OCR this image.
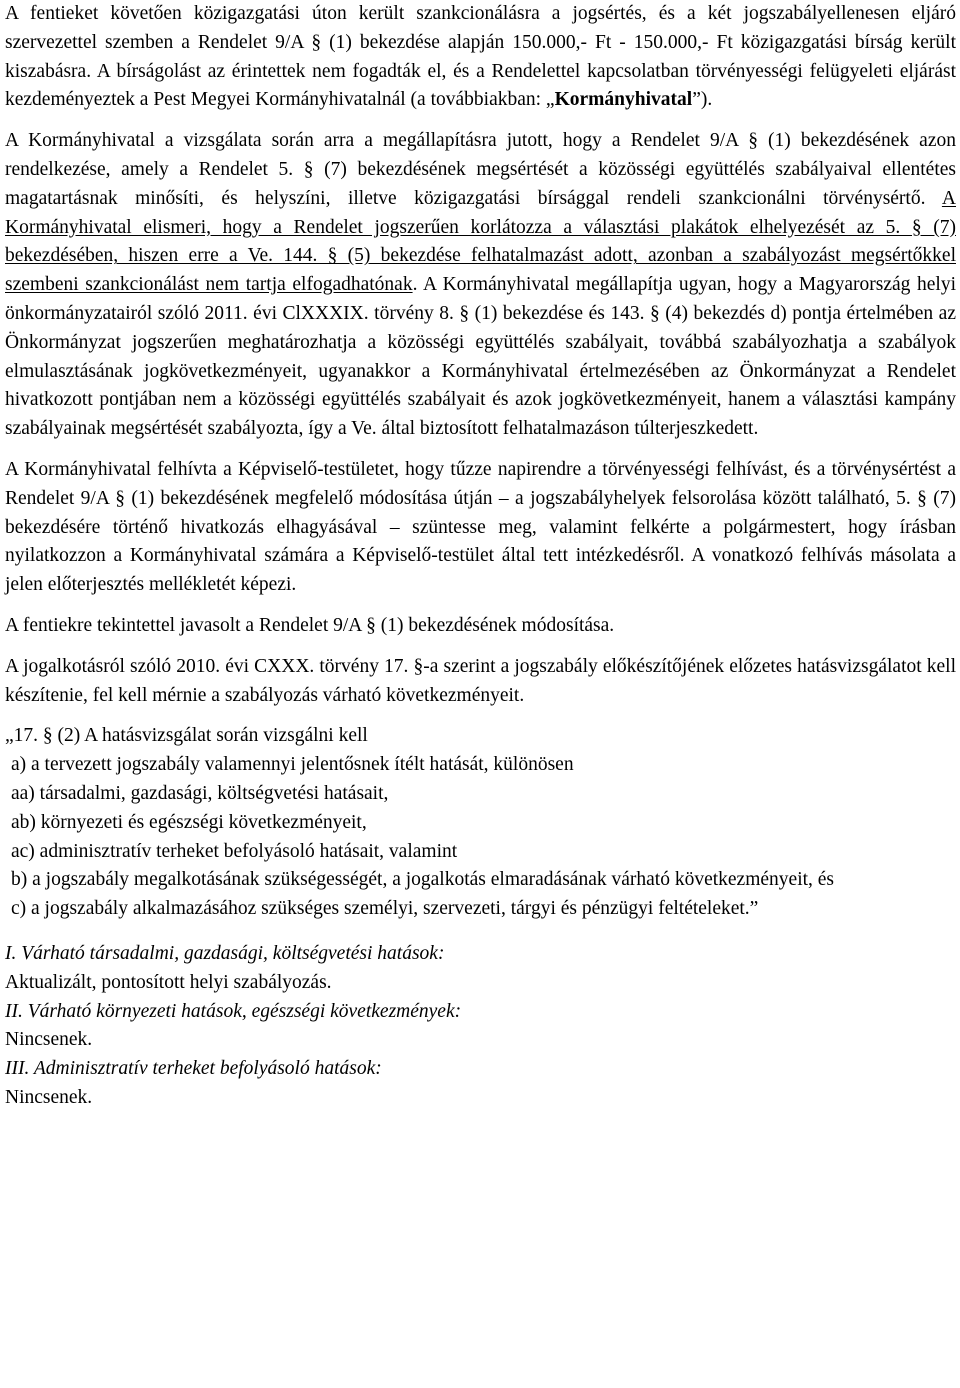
A fentieket követően közigazgatási úton került szankcionálásra a jogsértés, és a két jogszabályellenesen eljáró szervezettel szemben a Rendelet 9/A § (1) bekezdése alapján 150.000,- Ft - 150.000,- Ft közigazgatási bírság került kiszabásra. A bírságolást az érintettek nem fogadták el, és a Rendelettel kapcsolatban törvényességi felügyeleti eljárást kezdeményeztek a Pest Megyei Kormányhivatalnál (a továbbiakban: „Kormányhivatal”).

A Kormányhivatal a vizsgálata során arra a megállapításra jutott, hogy a Rendelet 9/A § (1) bekezdésének azon rendelkezése, amely a Rendelet 5. § (7) bekezdésének megsértését a közösségi együttélés szabályaival ellentétes magatartásnak minősíti, és helyszíni, illetve közigazgatási bírsággal rendeli szankcionálni törvénysértő. A Kormányhivatal elismeri, hogy a Rendelet jogszerűen korlátozza a választási plakátok elhelyezését az 5. § (7) bekezdésében, hiszen erre a Ve. 144. § (5) bekezdése felhatalmazást adott, azonban a szabályozást megsértőkkel szembeni szankcionálást nem tartja elfogadhatónak. A Kormányhivatal megállapítja ugyan, hogy a Magyarország helyi önkormányzatairól szóló 2011. évi ClXXXIX. törvény 8. § (1) bekezdése és 143. § (4) bekezdés d) pontja értelmében az Önkormányzat jogszerűen meghatározhatja a közösségi együttélés szabályait, továbbá szabályozhatja a szabályok elmulasztásának jogkövetkezményeit, ugyanakkor a Kormányhivatal értelmezésében az Önkormányzat a Rendelet hivatkozott pontjában nem a közösségi együttélés szabályait és azok jogkövetkezményeit, hanem a választási kampány szabályainak megsértését szabályozta, így a Ve. által biztosított felhatalmazáson túlterjeszkedett.

A Kormányhivatal felhívta a Képviselő-testületet, hogy tűzze napirendre a törvényességi felhívást, és a törvénysértést a Rendelet 9/A § (1) bekezdésének megfelelő módosítása útján – a jogszabályhelyek felsorolása között található, 5. § (7) bekezdésére történő hivatkozás elhagyásával – szüntesse meg, valamint felkérte a polgármestert, hogy írásban nyilatkozzon a Kormányhivatal számára a Képviselő-testület által tett intézkedésről. A vonatkozó felhívás másolata a jelen előterjesztés mellékletét képezi.

A fentiekre tekintettel javasolt a Rendelet 9/A § (1) bekezdésének módosítása.

A jogalkotásról szóló 2010. évi CXXX. törvény 17. §-a szerint a jogszabály előkészítőjének előzetes hatásvizsgálatot kell készítenie, fel kell mérnie a szabályozás várható következményeit.

„17. § (2) A hatásvizsgálat során vizsgálni kell

a) a tervezett jogszabály valamennyi jelentősnek ítélt hatását, különösen

aa) társadalmi, gazdasági, költségvetési hatásait,

ab) környezeti és egészségi következményeit,

ac) adminisztratív terheket befolyásoló hatásait, valamint

b) a jogszabály megalkotásának szükségességét, a jogalkotás elmaradásának várható következményeit, és

c) a jogszabály alkalmazásához szükséges személyi, szervezeti, tárgyi és pénzügyi feltételeket.”

I. Várható társadalmi, gazdasági, költségvetési hatások:

Aktualizált, pontosított helyi szabályozás.

II. Várható környezeti hatások, egészségi következmények:

Nincsenek.

III. Adminisztratív terheket befolyásoló hatások:

Nincsenek.
